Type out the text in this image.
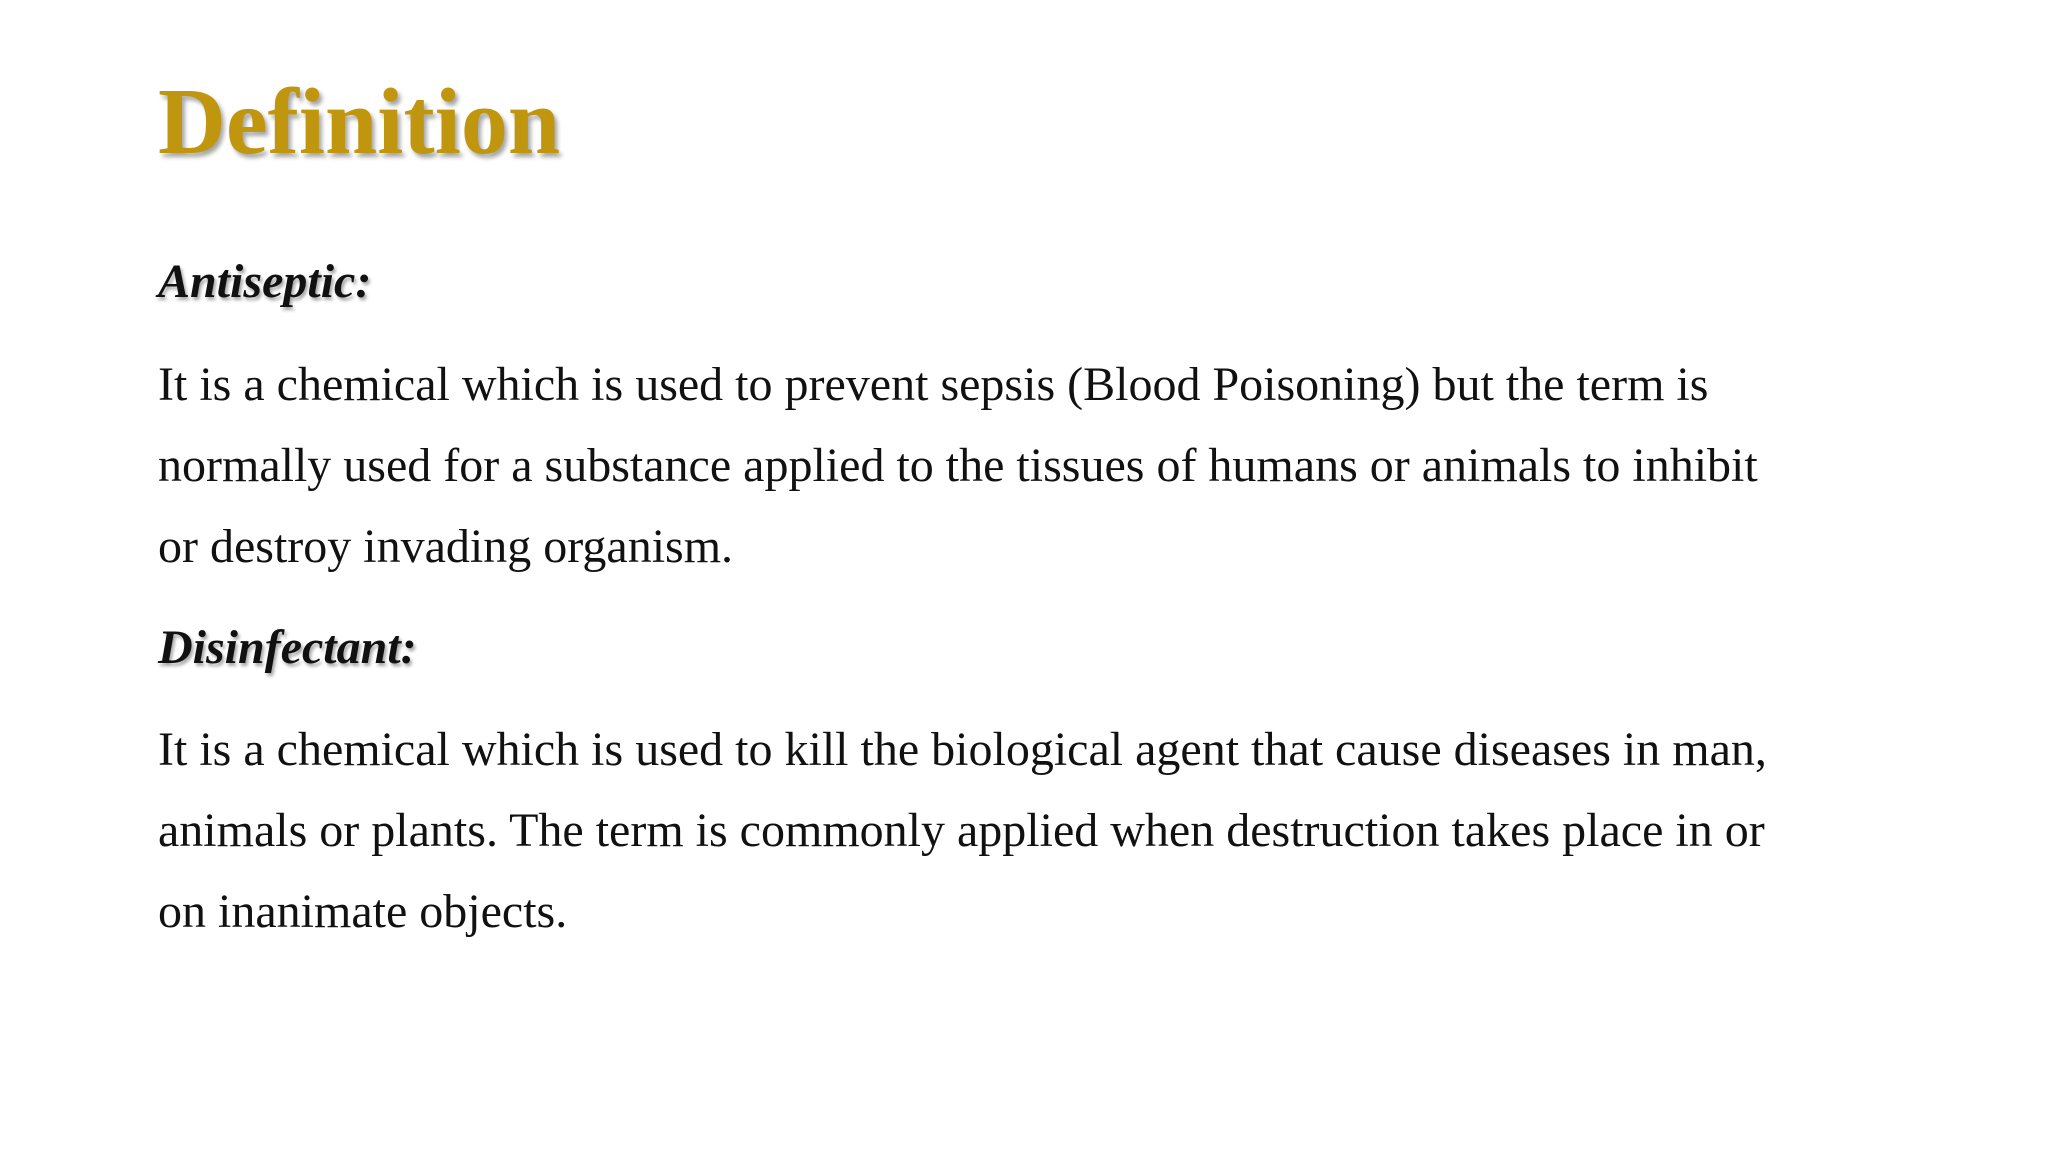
Definition

Antiseptic:

It is a chemical which is used to prevent sepsis (Blood Poisoning) but the term is
normally used for a substance applied to the tissues of humans or animals to inhibit
or destroy invading organism.

Disinfectant:

It is a chemical which is used to kill the biological agent that cause diseases in man,
animals or plants. The term is commonly applied when destruction takes place in or
on inanimate objects.
